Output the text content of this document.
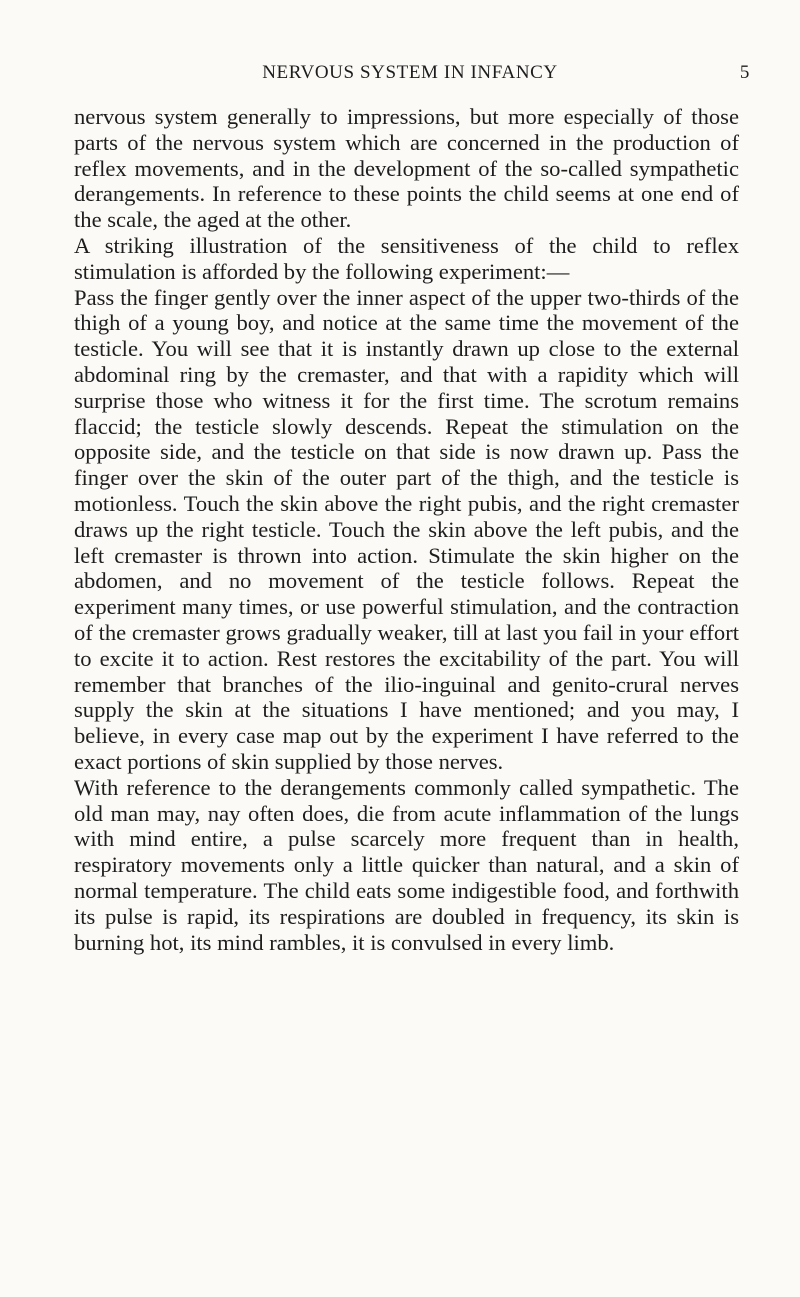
NERVOUS SYSTEM IN INFANCY	5

nervous system generally to impressions, but more especially of those parts of the nervous system which are concerned in the production of reflex movements, and in the development of the so-called sympathetic derangements. In reference to these points the child seems at one end of the scale, the aged at the other.

A striking illustration of the sensitiveness of the child to reflex stimulation is afforded by the following experiment:—

Pass the finger gently over the inner aspect of the upper two-thirds of the thigh of a young boy, and notice at the same time the movement of the testicle. You will see that it is instantly drawn up close to the external abdominal ring by the cremaster, and that with a rapidity which will surprise those who witness it for the first time. The scrotum remains flaccid; the testicle slowly descends. Repeat the stimulation on the opposite side, and the testicle on that side is now drawn up. Pass the finger over the skin of the outer part of the thigh, and the testicle is motionless. Touch the skin above the right pubis, and the right cremaster draws up the right testicle. Touch the skin above the left pubis, and the left cremaster is thrown into action. Stimulate the skin higher on the abdomen, and no movement of the testicle follows. Repeat the experiment many times, or use powerful stimulation, and the contraction of the cremaster grows gradually weaker, till at last you fail in your effort to excite it to action. Rest restores the excitability of the part. You will remember that branches of the ilio-inguinal and genito-crural nerves supply the skin at the situations I have mentioned; and you may, I believe, in every case map out by the experiment I have referred to the exact portions of skin supplied by those nerves.

With reference to the derangements commonly called sympathetic. The old man may, nay often does, die from acute inflammation of the lungs with mind entire, a pulse scarcely more frequent than in health, respiratory movements only a little quicker than natural, and a skin of normal temperature. The child eats some indigestible food, and forthwith its pulse is rapid, its respirations are doubled in frequency, its skin is burning hot, its mind rambles, it is convulsed in every limb.
